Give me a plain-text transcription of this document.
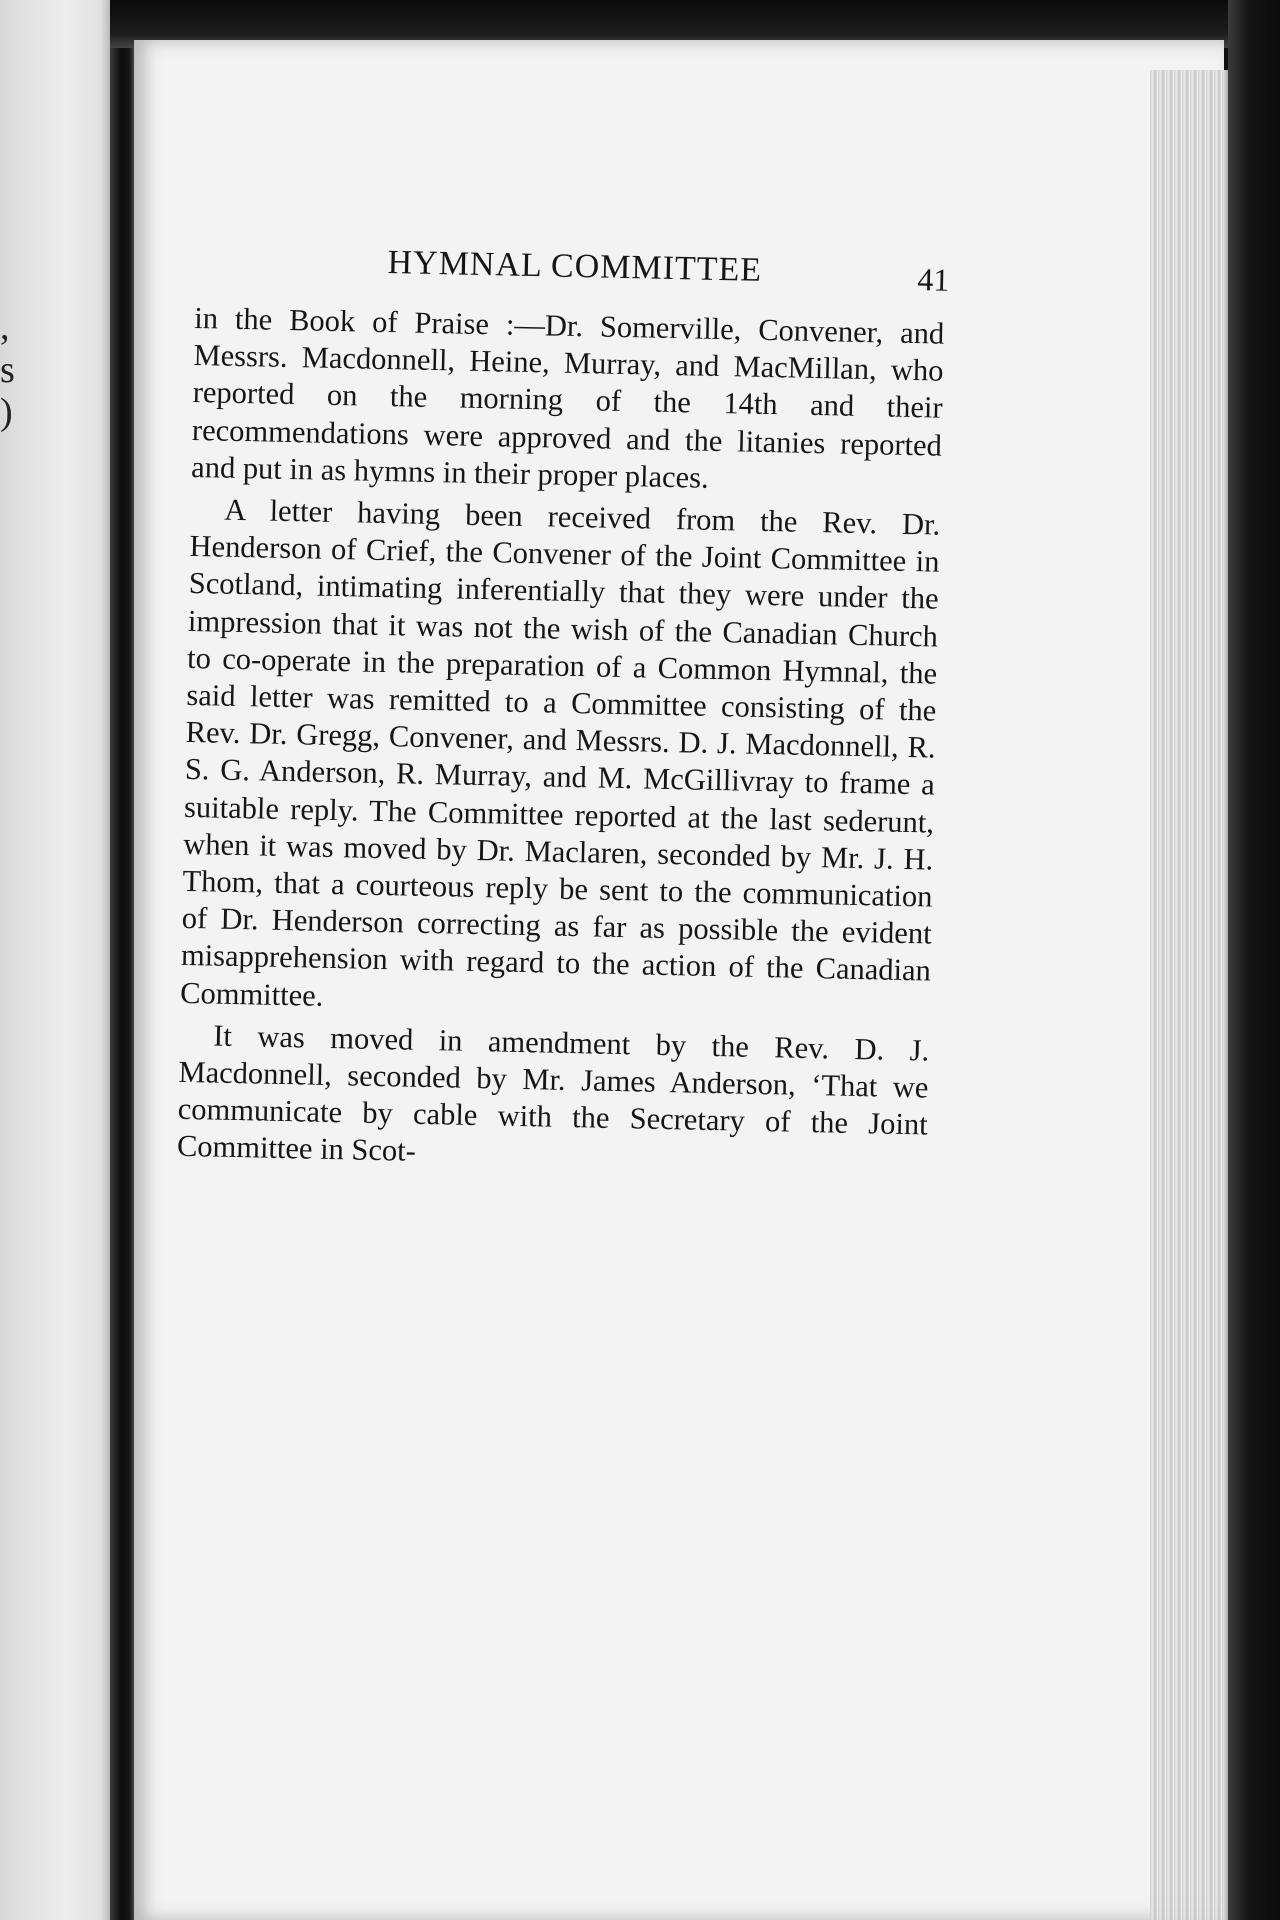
,
s
)
HYMNAL COMMITTEE	41

in the Book of Praise :—Dr. Somerville, Convener, and Messrs. Macdonnell, Heine, Murray, and MacMillan, who reported on the morning of the 14th and their recommendations were approved and the litanies reported and put in as hymns in their proper places.

A letter having been received from the Rev. Dr. Henderson of Crief, the Convener of the Joint Committee in Scotland, intimating inferentially that they were under the impression that it was not the wish of the Canadian Church to co-operate in the preparation of a Common Hymnal, the said letter was remitted to a Committee consisting of the Rev. Dr. Gregg, Convener, and Messrs. D. J. Macdonnell, R. S. G. Anderson, R. Murray, and M. McGillivray to frame a suitable reply. The Committee reported at the last sederunt, when it was moved by Dr. Maclaren, seconded by Mr. J. H. Thom, that a courteous reply be sent to the communication of Dr. Henderson correcting as far as possible the evident misapprehension with regard to the action of the Canadian Committee.

It was moved in amendment by the Rev. D. J. Macdonnell, seconded by Mr. James Anderson, ‘That we communicate by cable with the Secretary of the Joint Committee in Scot-
